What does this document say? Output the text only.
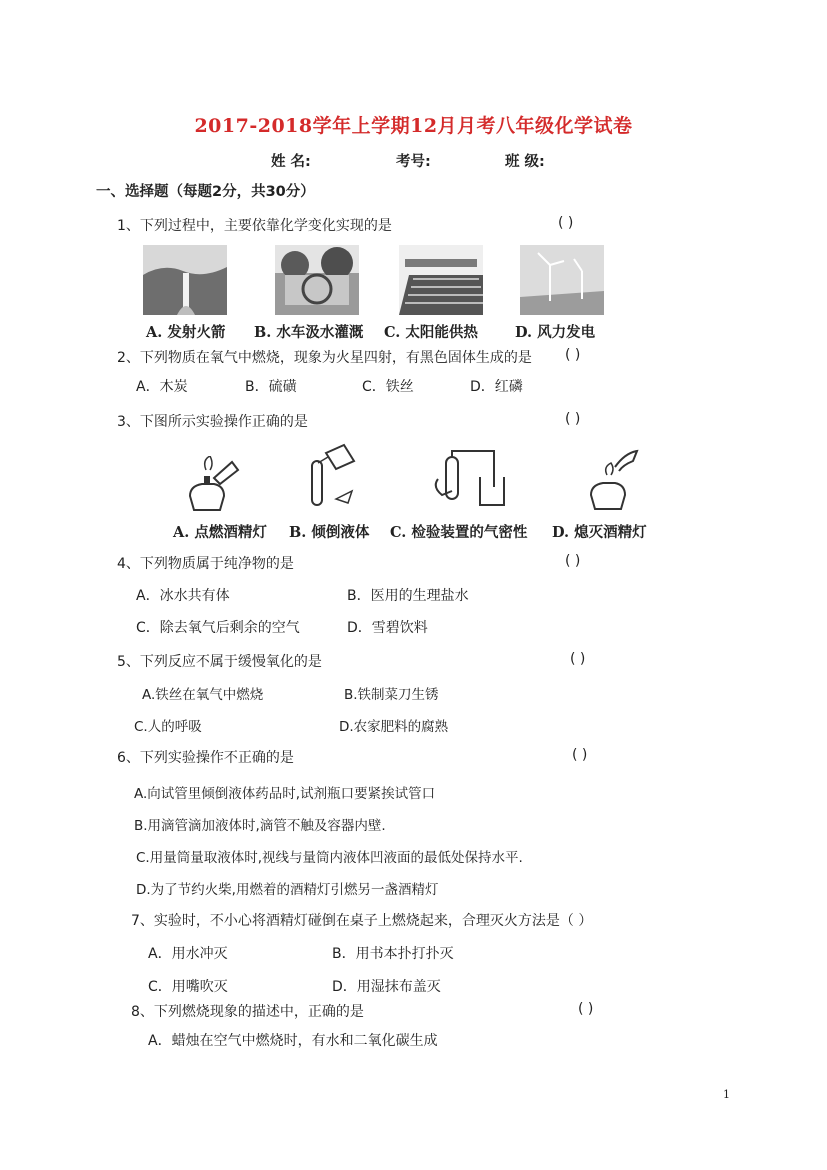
2017-2018学年上学期12月月考八年级化学试卷
姓 名:	考号:	班 级:
一、选择题（每题2分，共30分）
1、下列过程中，主要依靠化学变化实现的是	( )
A. 发射火箭 B. 水车汲水灌溉 C. 太阳能供热	D. 风力发电
2、下列物质在氧气中燃烧，现象为火星四射，有黑色固体生成的是 ( )
A．木炭	B．硫磺	C．铁丝	D．红磷
3、下图所示实验操作正确的是	( )
A. 点燃酒精灯 B. 倾倒液体 C. 检验装置的气密性 D. 熄灭酒精灯
4、下列物质属于纯净物的是	( )
A．冰水共有体	B．医用的生理盐水
C．除去氧气后剩余的空气	D．雪碧饮料
5、下列反应不属于缓慢氧化的是	( )
A.铁丝在氧气中燃烧	B.铁制菜刀生锈
C.人的呼吸	D.农家肥料的腐熟
6、下列实验操作不正确的是	( )
A.向试管里倾倒液体药品时,试剂瓶口要紧挨试管口
B.用滴管滴加液体时,滴管不触及容器内壁.
C.用量筒量取液体时,视线与量筒内液体凹液面的最低处保持水平.
D.为了节约火柴,用燃着的酒精灯引燃另一盏酒精灯
7、实验时，不小心将酒精灯碰倒在桌子上燃烧起来，合理灭火方法是（ ）
A．用水冲灭	B．用书本扑打扑灭
C．用嘴吹灭	D．用湿抹布盖灭
8、下列燃烧现象的描述中，正确的是	( )
A．蜡烛在空气中燃烧时，有水和二氧化碳生成
1
